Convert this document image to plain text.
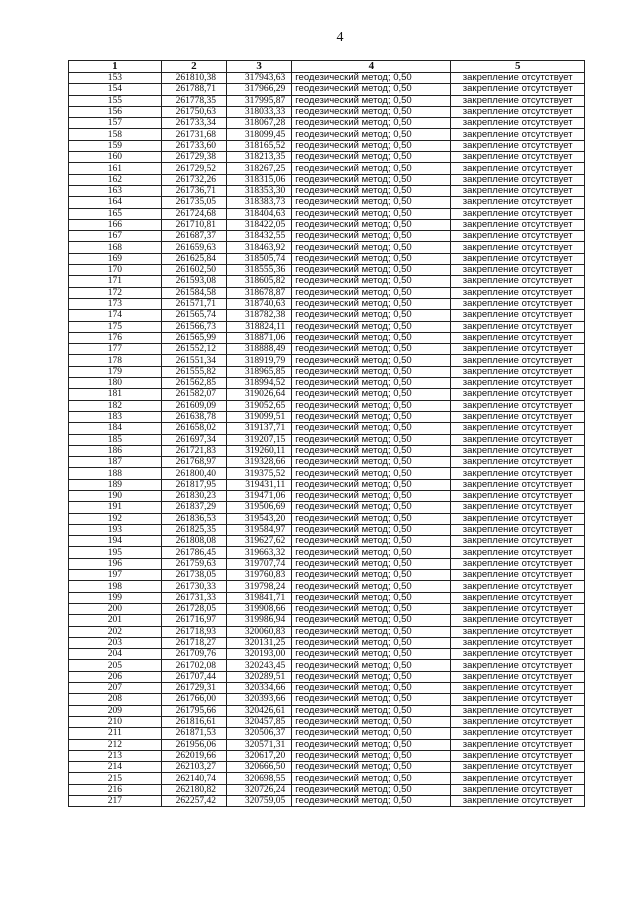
4
1	2	3	4	5
153	261810,38	317943,63	геодезический метод; 0,50	закрепление отсутствует
154	261788,71	317966,29	геодезический метод; 0,50	закрепление отсутствует
155	261778,35	317995,87	геодезический метод; 0,50	закрепление отсутствует
156	261750,63	318033,33	геодезический метод; 0,50	закрепление отсутствует
157	261733,34	318067,28	геодезический метод; 0,50	закрепление отсутствует
158	261731,68	318099,45	геодезический метод; 0,50	закрепление отсутствует
159	261733,60	318165,52	геодезический метод; 0,50	закрепление отсутствует
160	261729,38	318213,35	геодезический метод; 0,50	закрепление отсутствует
161	261729,52	318267,25	геодезический метод; 0,50	закрепление отсутствует
162	261732,26	318315,06	геодезический метод; 0,50	закрепление отсутствует
163	261736,71	318353,30	геодезический метод; 0,50	закрепление отсутствует
164	261735,05	318383,73	геодезический метод; 0,50	закрепление отсутствует
165	261724,68	318404,63	геодезический метод; 0,50	закрепление отсутствует
166	261710,81	318422,05	геодезический метод; 0,50	закрепление отсутствует
167	261687,37	318432,55	геодезический метод; 0,50	закрепление отсутствует
168	261659,63	318463,92	геодезический метод; 0,50	закрепление отсутствует
169	261625,84	318505,74	геодезический метод; 0,50	закрепление отсутствует
170	261602,50	318555,36	геодезический метод; 0,50	закрепление отсутствует
171	261593,08	318605,82	геодезический метод; 0,50	закрепление отсутствует
172	261584,58	318678,87	геодезический метод; 0,50	закрепление отсутствует
173	261571,71	318740,63	геодезический метод; 0,50	закрепление отсутствует
174	261565,74	318782,38	геодезический метод; 0,50	закрепление отсутствует
175	261566,73	318824,11	геодезический метод; 0,50	закрепление отсутствует
176	261565,99	318871,06	геодезический метод; 0,50	закрепление отсутствует
177	261552,12	318888,49	геодезический метод; 0,50	закрепление отсутствует
178	261551,34	318919,79	геодезический метод; 0,50	закрепление отсутствует
179	261555,82	318965,85	геодезический метод; 0,50	закрепление отсутствует
180	261562,85	318994,52	геодезический метод; 0,50	закрепление отсутствует
181	261582,07	319026,64	геодезический метод; 0,50	закрепление отсутствует
182	261609,09	319052,65	геодезический метод; 0,50	закрепление отсутствует
183	261638,78	319099,51	геодезический метод; 0,50	закрепление отсутствует
184	261658,02	319137,71	геодезический метод; 0,50	закрепление отсутствует
185	261697,34	319207,15	геодезический метод; 0,50	закрепление отсутствует
186	261721,83	319260,11	геодезический метод; 0,50	закрепление отсутствует
187	261768,97	319328,66	геодезический метод; 0,50	закрепление отсутствует
188	261800,40	319375,52	геодезический метод; 0,50	закрепление отсутствует
189	261817,95	319431,11	геодезический метод; 0,50	закрепление отсутствует
190	261830,23	319471,06	геодезический метод; 0,50	закрепление отсутствует
191	261837,29	319506,69	геодезический метод; 0,50	закрепление отсутствует
192	261836,53	319543,20	геодезический метод; 0,50	закрепление отсутствует
193	261825,35	319584,97	геодезический метод; 0,50	закрепление отсутствует
194	261808,08	319627,62	геодезический метод; 0,50	закрепление отсутствует
195	261786,45	319663,32	геодезический метод; 0,50	закрепление отсутствует
196	261759,63	319707,74	геодезический метод; 0,50	закрепление отсутствует
197	261738,05	319760,83	геодезический метод; 0,50	закрепление отсутствует
198	261730,33	319798,24	геодезический метод; 0,50	закрепление отсутствует
199	261731,33	319841,71	геодезический метод; 0,50	закрепление отсутствует
200	261728,05	319908,66	геодезический метод; 0,50	закрепление отсутствует
201	261716,97	319986,94	геодезический метод; 0,50	закрепление отсутствует
202	261718,93	320060,83	геодезический метод; 0,50	закрепление отсутствует
203	261718,27	320131,25	геодезический метод; 0,50	закрепление отсутствует
204	261709,76	320193,00	геодезический метод; 0,50	закрепление отсутствует
205	261702,08	320243,45	геодезический метод; 0,50	закрепление отсутствует
206	261707,44	320289,51	геодезический метод; 0,50	закрепление отсутствует
207	261729,31	320334,66	геодезический метод; 0,50	закрепление отсутствует
208	261766,00	320393,66	геодезический метод; 0,50	закрепление отсутствует
209	261795,66	320426,61	геодезический метод; 0,50	закрепление отсутствует
210	261816,61	320457,85	геодезический метод; 0,50	закрепление отсутствует
211	261871,53	320506,37	геодезический метод; 0,50	закрепление отсутствует
212	261956,06	320571,31	геодезический метод; 0,50	закрепление отсутствует
213	262019,66	320617,20	геодезический метод; 0,50	закрепление отсутствует
214	262103,27	320666,50	геодезический метод; 0,50	закрепление отсутствует
215	262140,74	320698,55	геодезический метод; 0,50	закрепление отсутствует
216	262180,82	320726,24	геодезический метод; 0,50	закрепление отсутствует
217	262257,42	320759,05	геодезический метод; 0,50	закрепление отсутствует
